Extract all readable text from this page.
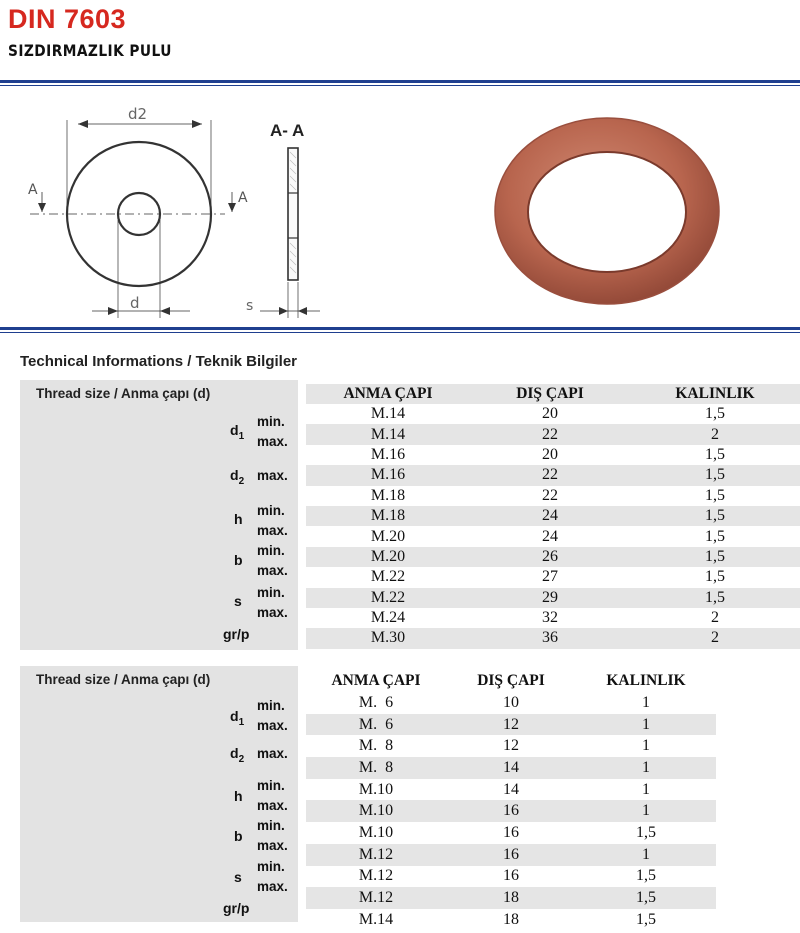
DIN 7603
SIZDIRMAZLIK PULU
d2
d
A	A
A- A
s
Technical Informations / Teknik Bilgiler
Thread size / Anma çapı (d)
$d_1$
min.
max.
$d_2$ max.
h
min.
max.
b
min.
max.
s
min.
max.
gr/p
ANMA ÇAPI	DIŞ ÇAPI	KALINLIK
M.14	20	1,5
M.14	22	2
M.16	20	1,5
M.16	22	1,5
M.18	22	1,5
M.18	24	1,5
M.20	24	1,5
M.20	26	1,5
M.22	27	1,5
M.22	29	1,5
M.24	32	2
M.30	36	2
Thread size / Anma çapı (d)
$d_1$
min.
max.
$d_2$ max.
h
min.
max.
b
min.
max.
s
min.
max.
gr/p
ANMA ÇAPI	DIŞ ÇAPI	KALINLIK
M.  6	10	1
M.  6	12	1
M.  8	12	1
M.  8	14	1
M.10	14	1
M.10	16	1
M.10	16	1,5
M.12	16	1
M.12	16	1,5
M.12	18	1,5
M.14	18	1,5
